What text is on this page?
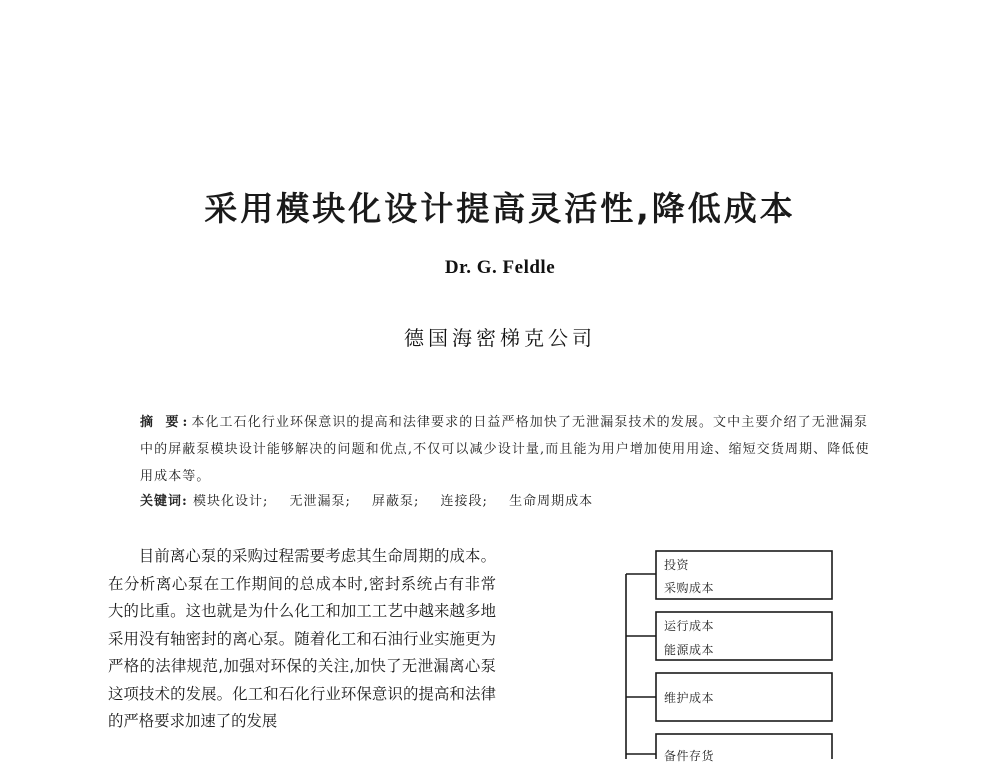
采用模块化设计提高灵活性,降低成本
Dr. G. Feldle
德国海密梯克公司
摘 要:本化工石化行业环保意识的提高和法律要求的日益严格加快了无泄漏泵技术的发展。文中主要介绍了无泄漏泵中的屏蔽泵模块设计能够解决的问题和优点,不仅可以减少设计量,而且能为用户增加使用用途、缩短交货周期、降低使用成本等。
关键词: 模块化设计; 无泄漏泵; 屏蔽泵; 连接段; 生命周期成本

目前离心泵的采购过程需要考虑其生命周期的成本。在分析离心泵在工作期间的总成本时,密封系统占有非常大的比重。这也就是为什么化工和加工工艺中越来越多地采用没有轴密封的离心泵。随着化工和石油行业实施更为严格的法律规范,加强对环保的关注,加快了无泄漏离心泵这项技术的发展。化工和石化行业环保意识的提高和法律的严格要求加速了的发展

投资
采购成本
运行成本
能源成本
维护成本
备件存货
